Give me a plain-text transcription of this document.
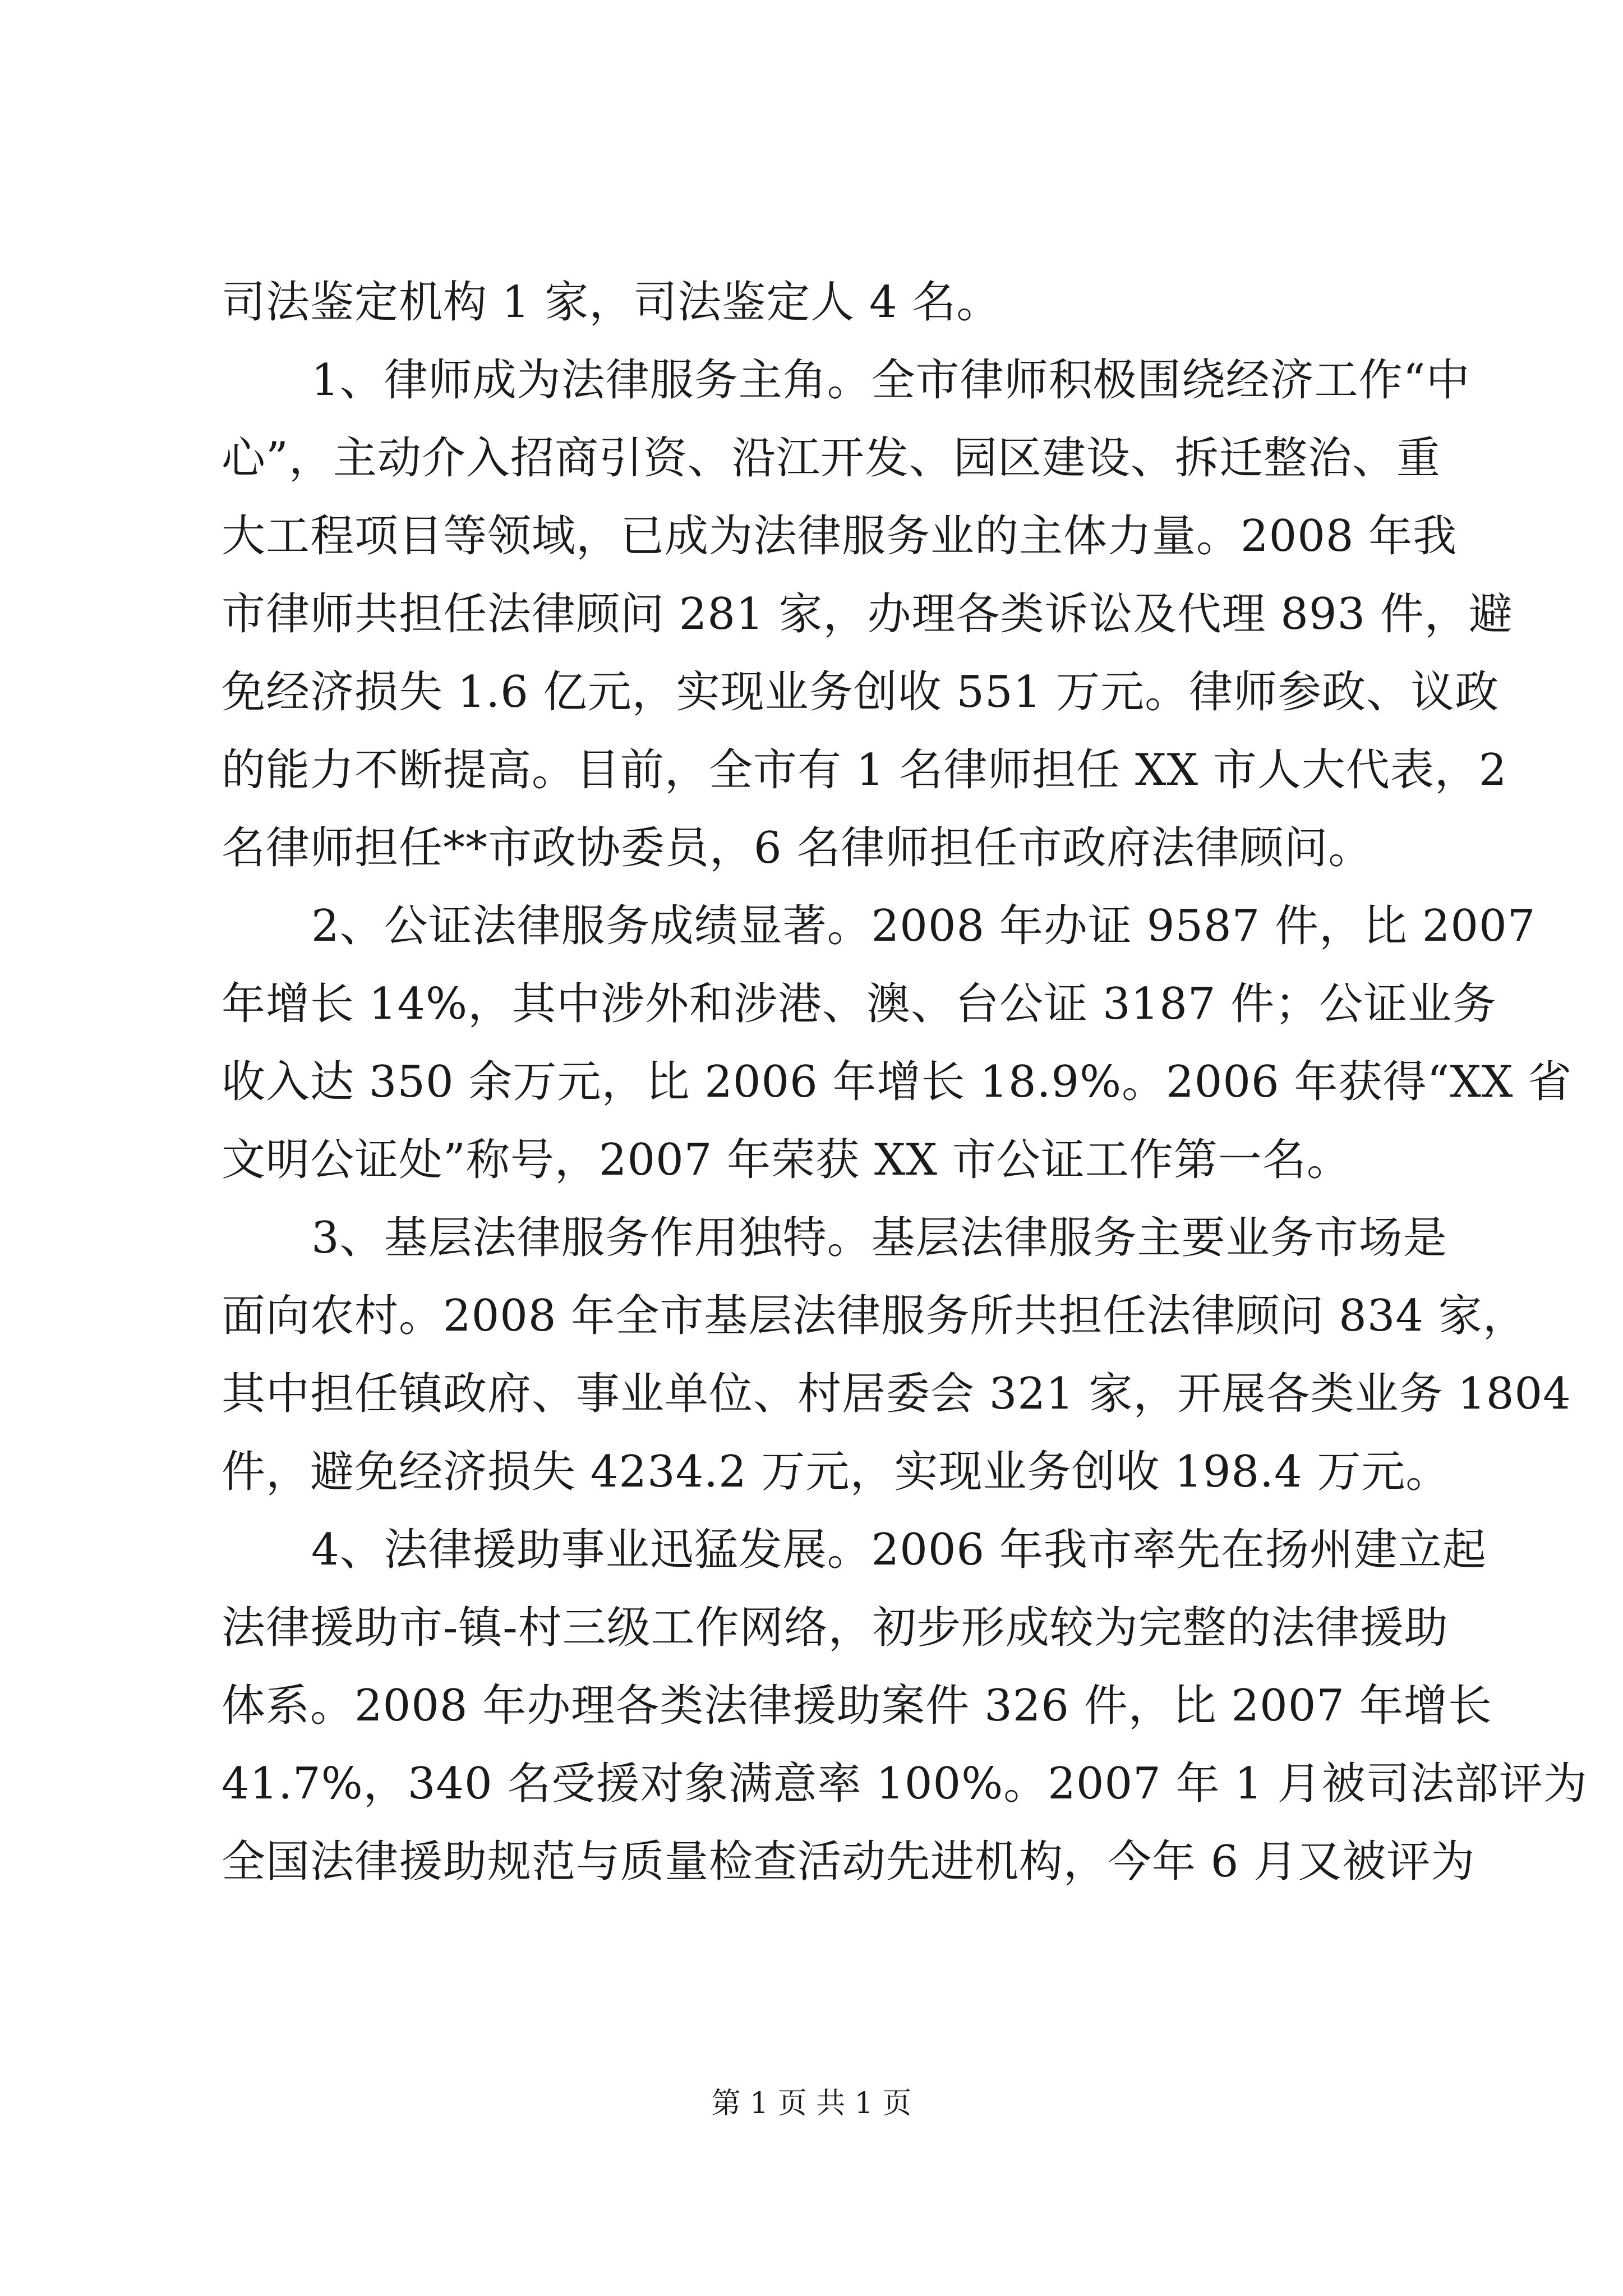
司法鉴定机构 1 家，司法鉴定人 4 名。
1、律师成为法律服务主角。全市律师积极围绕经济工作“中
心”，主动介入招商引资、沿江开发、园区建设、拆迁整治、重
大工程项目等领域，已成为法律服务业的主体力量。2008 年我
市律师共担任法律顾问 281 家，办理各类诉讼及代理 893 件，避
免经济损失 1.6 亿元，实现业务创收 551 万元。律师参政、议政
的能力不断提高。目前，全市有 1 名律师担任 XX 市人大代表，2
名律师担任**市政协委员，6 名律师担任市政府法律顾问。
2、公证法律服务成绩显著。2008 年办证 9587 件，比 2007
年增长 14%，其中涉外和涉港、澳、台公证 3187 件；公证业务
收入达 350 余万元，比 2006 年增长 18.9%。2006 年获得“XX 省
文明公证处”称号，2007 年荣获 XX 市公证工作第一名。
3、基层法律服务作用独特。基层法律服务主要业务市场是
面向农村。2008 年全市基层法律服务所共担任法律顾问 834 家，
其中担任镇政府、事业单位、村居委会 321 家，开展各类业务 1804
件，避免经济损失 4234.2 万元，实现业务创收 198.4 万元。
4、法律援助事业迅猛发展。2006 年我市率先在扬州建立起
法律援助市-镇-村三级工作网络，初步形成较为完整的法律援助
体系。2008 年办理各类法律援助案件 326 件，比 2007 年增长
41.7%，340 名受援对象满意率 100%。2007 年 1 月被司法部评为
全国法律援助规范与质量检查活动先进机构，今年 6 月又被评为
第 1 页 共 1 页
